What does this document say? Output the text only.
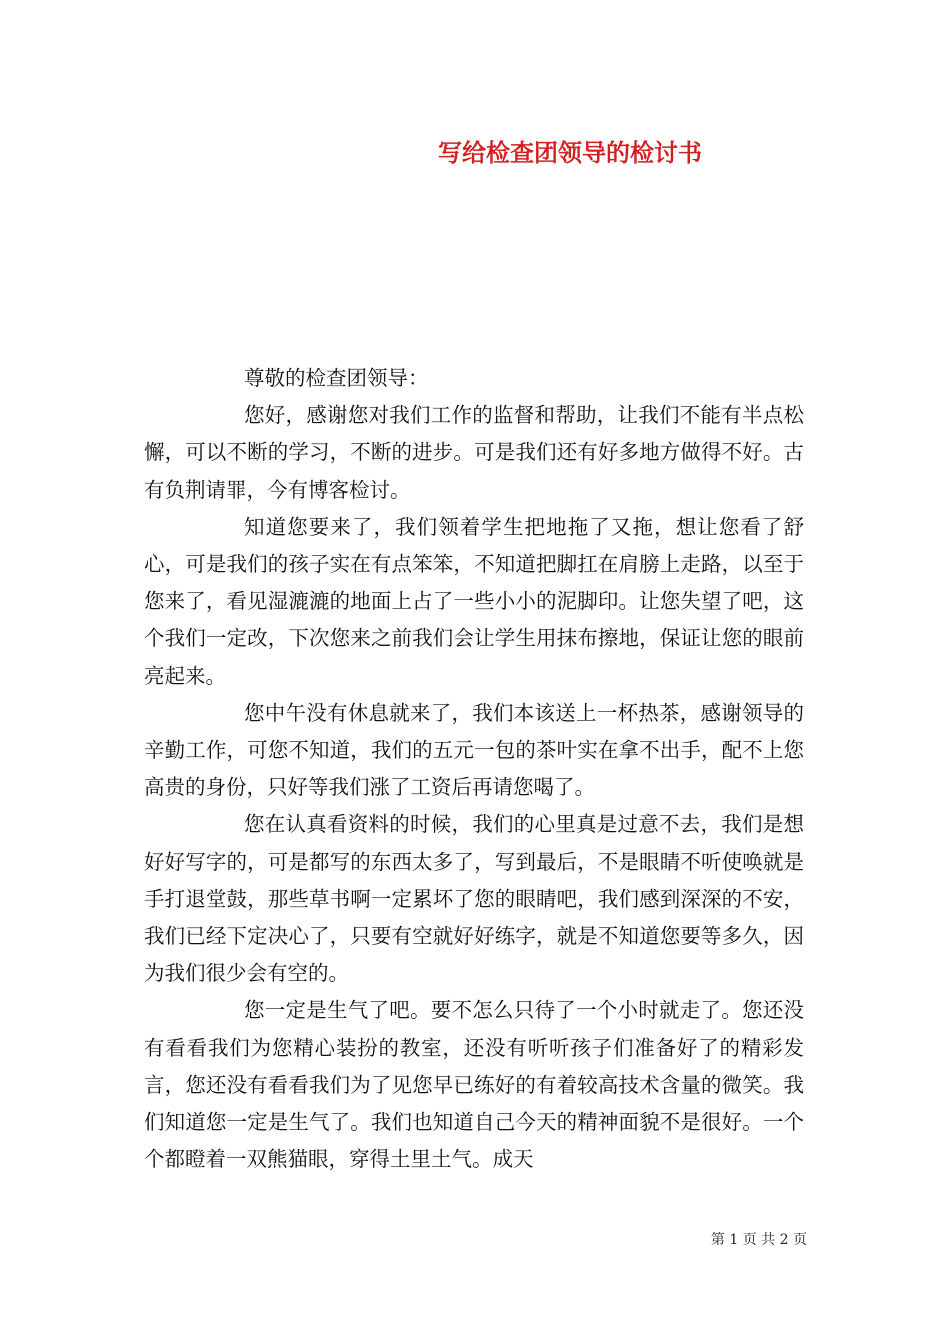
写给检查团领导的检讨书

尊敬的检查团领导：

您好，感谢您对我们工作的监督和帮助，让我们不能有半点松懈，可以不断的学习，不断的进步。可是我们还有好多地方做得不好。古有负荆请罪，今有博客检讨。

知道您要来了，我们领着学生把地拖了又拖，想让您看了舒心，可是我们的孩子实在有点笨笨，不知道把脚扛在肩膀上走路，以至于您来了，看见湿漉漉的地面上占了一些小小的泥脚印。让您失望了吧，这个我们一定改，下次您来之前我们会让学生用抹布擦地，保证让您的眼前亮起来。

您中午没有休息就来了，我们本该送上一杯热茶，感谢领导的辛勤工作，可您不知道，我们的五元一包的茶叶实在拿不出手，配不上您高贵的身份，只好等我们涨了工资后再请您喝了。

您在认真看资料的时候，我们的心里真是过意不去，我们是想好好写字的，可是都写的东西太多了，写到最后，不是眼睛不听使唤就是手打退堂鼓，那些草书啊一定累坏了您的眼睛吧，我们感到深深的不安，我们已经下定决心了，只要有空就好好练字，就是不知道您要等多久，因为我们很少会有空的。

您一定是生气了吧。要不怎么只待了一个小时就走了。您还没有看看我们为您精心装扮的教室，还没有听听孩子们准备好了的精彩发言，您还没有看看我们为了见您早已练好的有着较高技术含量的微笑。我们知道您一定是生气了。我们也知道自己今天的精神面貌不是很好。一个个都瞪着一双熊猫眼，穿得土里土气。成天

第 1 页 共 2 页
